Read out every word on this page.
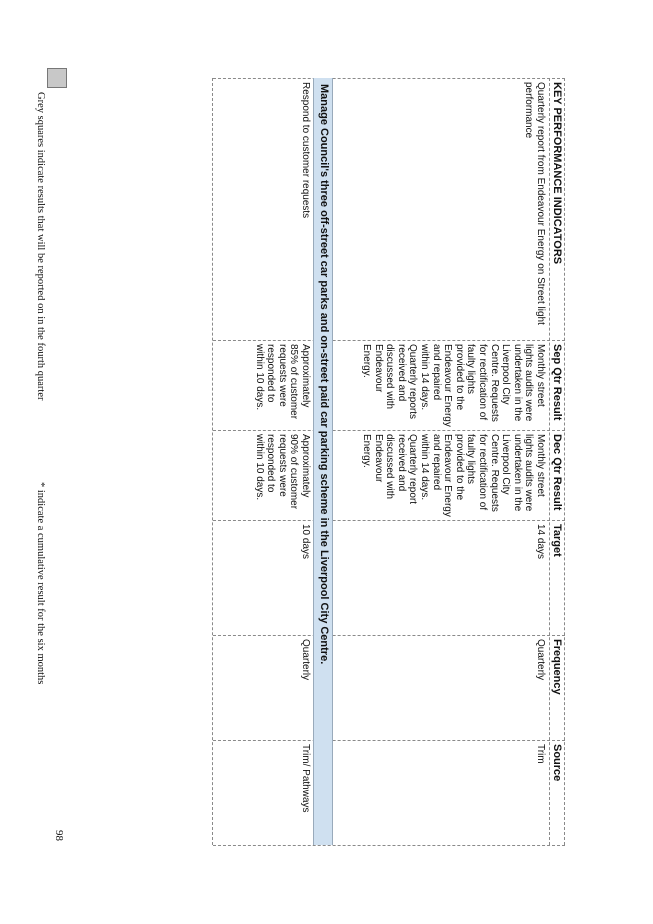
KEY PERFORMANCE INDICATORS
Sep Qtr Result
Dec Qtr Result
Target
Frequency
Source
Quarterly report from Endeavour Energy on Street light performance
Monthly street lights audits were undertaken in the Liverpool City Centre. Requests for rectification of faulty lights provided to the Endeavour Energy and repaired within 14 days. Quarterly reports received and discussed with Endeavour Energy.
Monthly street lights audits were undertaken in the Liverpool City Centre. Requests for rectification of faulty lights provided to the Endeavour Energy and repaired within 14 days. Quarterly report received and discussed with Endeavour Energy.
14 days
Quarterly
Trim
Manage Council's three off-street car parks and on-street paid car parking scheme in the Liverpool City Centre.
Respond to customer requests
Approximately 85% of customer requests were responded to within 10 days.
Approximately 90% of customer requests were responded to within 10 days.
10 days
Quarterly
Trim/ Pathways
Grey squares indicate results that will be reported on in the fourth quarter
* indicate a cumulative result for the six months
98
